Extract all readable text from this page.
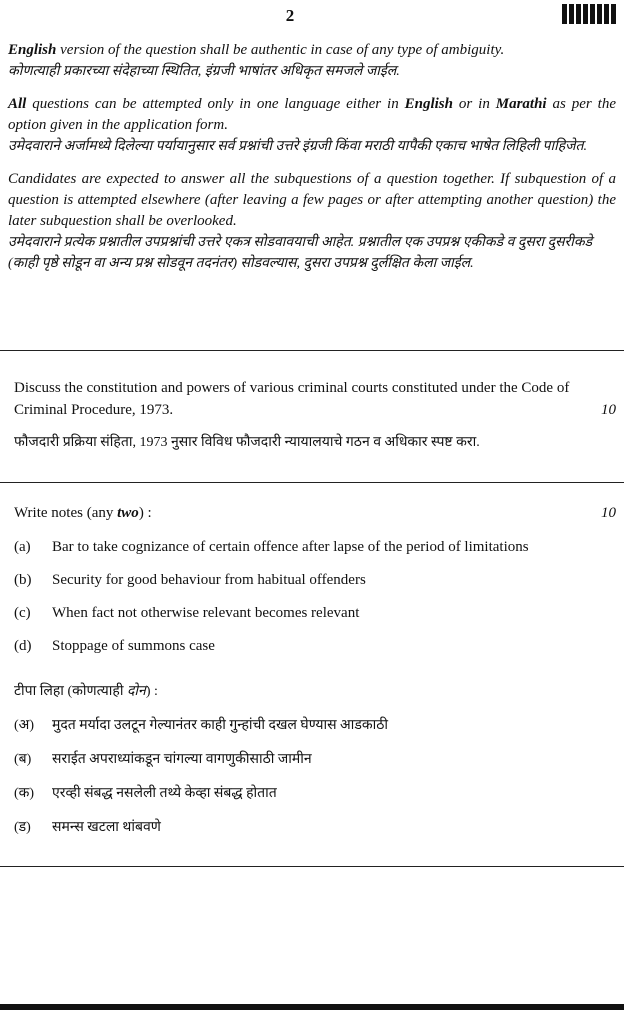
2
English version of the question shall be authentic in case of any type of ambiguity.
कोणत्याही प्रकारच्या संदेहाच्या स्थितित, इंग्रजी भाषांतर अधिकृत समजले जाईल.
All questions can be attempted only in one language either in English or in Marathi as per the option given in the application form.
उमेदवाराने अर्जामध्ये दिलेल्या पर्यायानुसार सर्व प्रश्नांची उत्तरे इंग्रजी किंवा मराठी यापैकी एकाच भाषेत लिहिली पाहिजेत.
Candidates are expected to answer all the subquestions of a question together. If subquestion of a question is attempted elsewhere (after leaving a few pages or after attempting another question) the later subquestion shall be overlooked.
उमेदवाराने प्रत्येक प्रश्नातील उपप्रश्नांची उत्तरे एकत्र सोडवावयाची आहेत. प्रश्नातील एक उपप्रश्न एकीकडे व दुसरा दुसरीकडे (काही पृष्ठे सोडून वा अन्य प्रश्न सोडवून तदनंतर) सोडवल्यास, दुसरा उपप्रश्न दुर्लक्षित केला जाईल.
Discuss the constitution and powers of various criminal courts constituted under the Code of Criminal Procedure, 1973.	10
फौजदारी प्रक्रिया संहिता, 1973 नुसार विविध फौजदारी न्यायालयाचे गठन व अधिकार स्पष्ट करा.
Write notes (any two) :	10
(a)	Bar to take cognizance of certain offence after lapse of the period of limitations
(b)	Security for good behaviour from habitual offenders
(c)	When fact not otherwise relevant becomes relevant
(d)	Stoppage of summons case
टीपा लिहा (कोणत्याही दोन) :
(अ)	मुदत मर्यादा उलटून गेल्यानंतर काही गुन्हांची दखल घेण्यास आडकाठी
(ब)	सराईत अपराध्यांकडून चांगल्या वागणुकीसाठी जामीन
(क)	एरव्ही संबद्ध नसलेली तथ्ये केव्हा संबद्ध होतात
(ड)	समन्स खटला थांबवणे
